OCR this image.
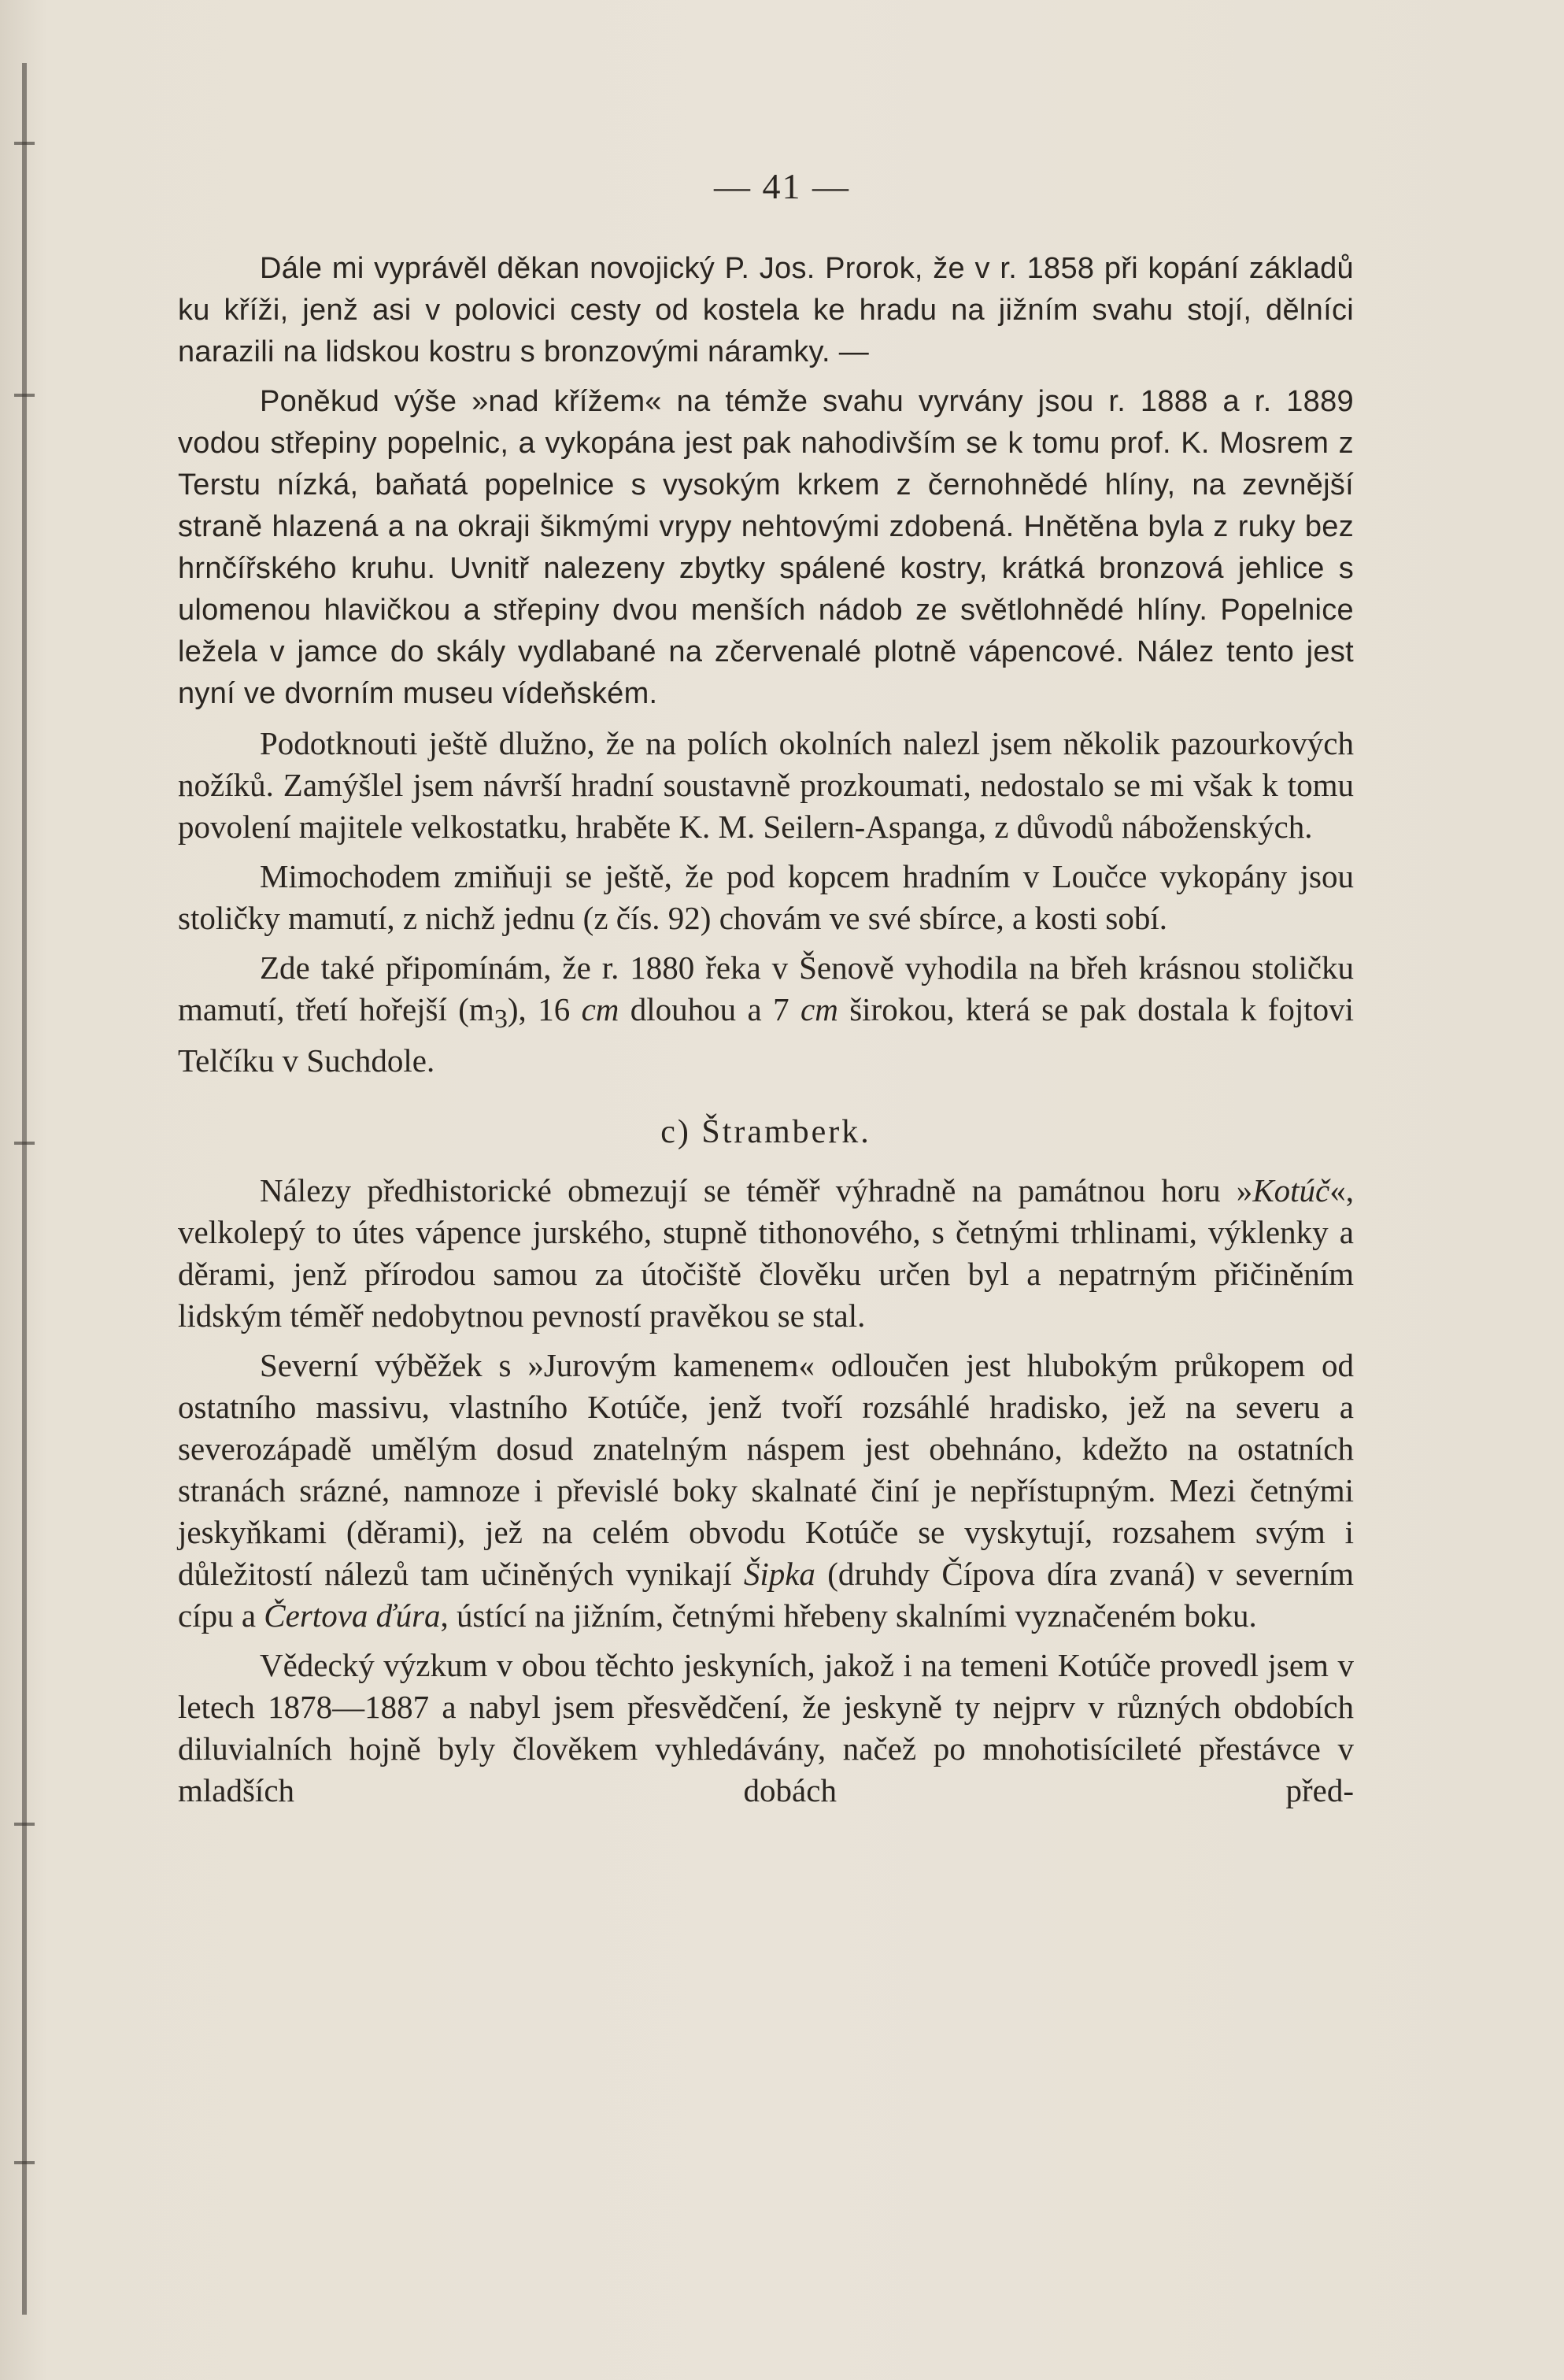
— 41 —

Dále mi vyprávěl děkan novojický P. Jos. Prorok, že v r. 1858 při kopání základů ku kříži, jenž asi v polovici cesty od kostela ke hradu na jižním svahu stojí, dělníci narazili na lidskou kostru s bronzovými náramky. —

Poněkud výše »nad křížem« na témže svahu vyrvány jsou r. 1888 a r. 1889 vodou střepiny popelnic, a vykopána jest pak nahodivším se k tomu prof. K. Mosrem z Terstu nízká, baňatá popelnice s vysokým krkem z černohnědé hlíny, na zevnější straně hlazená a na okraji šikmými vrypy nehtovými zdobená. Hnětěna byla z ruky bez hrnčířského kruhu. Uvnitř nalezeny zbytky spálené kostry, krátká bronzová jehlice s ulomenou hlavičkou a střepiny dvou menších nádob ze světlohnědé hlíny. Popelnice ležela v jamce do skály vydlabané na zčervenalé plotně vápencové. Nález tento jest nyní ve dvorním museu vídeňském.

Podotknouti ještě dlužno, že na polích okolních nalezl jsem několik pazourkových nožíků. Zamýšlel jsem návrší hradní soustavně prozkoumati, nedostalo se mi však k tomu povolení majitele velkostatku, hraběte K. M. Seilern-Aspanga, z důvodů náboženských.

Mimochodem zmiňuji se ještě, že pod kopcem hradním v Loučce vykopány jsou stoličky mamutí, z nichž jednu (z čís. 92) chovám ve své sbírce, a kosti sobí.

Zde také připomínám, že r. 1880 řeka v Šenově vyhodila na břeh krásnou stoličku mamutí, třetí hořejší $(m_3)$, 16 cm dlouhou a 7 cm širokou, která se pak dostala k fojtovi Telčíku v Suchdole.

c) Štramberk.

Nálezy předhistorické obmezují se téměř výhradně na památnou horu »Kotúč«, velkolepý to útes vápence jurského, stupně tithonového, s četnými trhlinami, výklenky a děrami, jenž přírodou samou za útočiště člověku určen byl a nepatrným přičiněním lidským téměř nedobytnou pevností pravěkou se stal.

Severní výběžek s »Jurovým kamenem« odloučen jest hlubokým průkopem od ostatního massivu, vlastního Kotúče, jenž tvoří rozsáhlé hradisko, jež na severu a severozápadě umělým dosud znatelným náspem jest obehnáno, kdežto na ostatních stranách srázné, namnoze i převislé boky skalnaté činí je nepřístupným. Mezi četnými jeskyňkami (děrami), jež na celém obvodu Kotúče se vyskytují, rozsahem svým i důležitostí nálezů tam učiněných vynikají Šipka (druhdy Čípova díra zvaná) v severním cípu a Čertova ďúra, ústící na jižním, četnými hřebeny skalními vyznačeném boku.

Vědecký výzkum v obou těchto jeskyních, jakož i na temeni Kotúče provedl jsem v letech 1878—1887 a nabyl jsem přesvědčení, že jeskyně ty nejprv v různých obdobích diluvialních hojně byly člověkem vyhledávány, načež po mnohotisícileté přestávce v mladších dobách před-
